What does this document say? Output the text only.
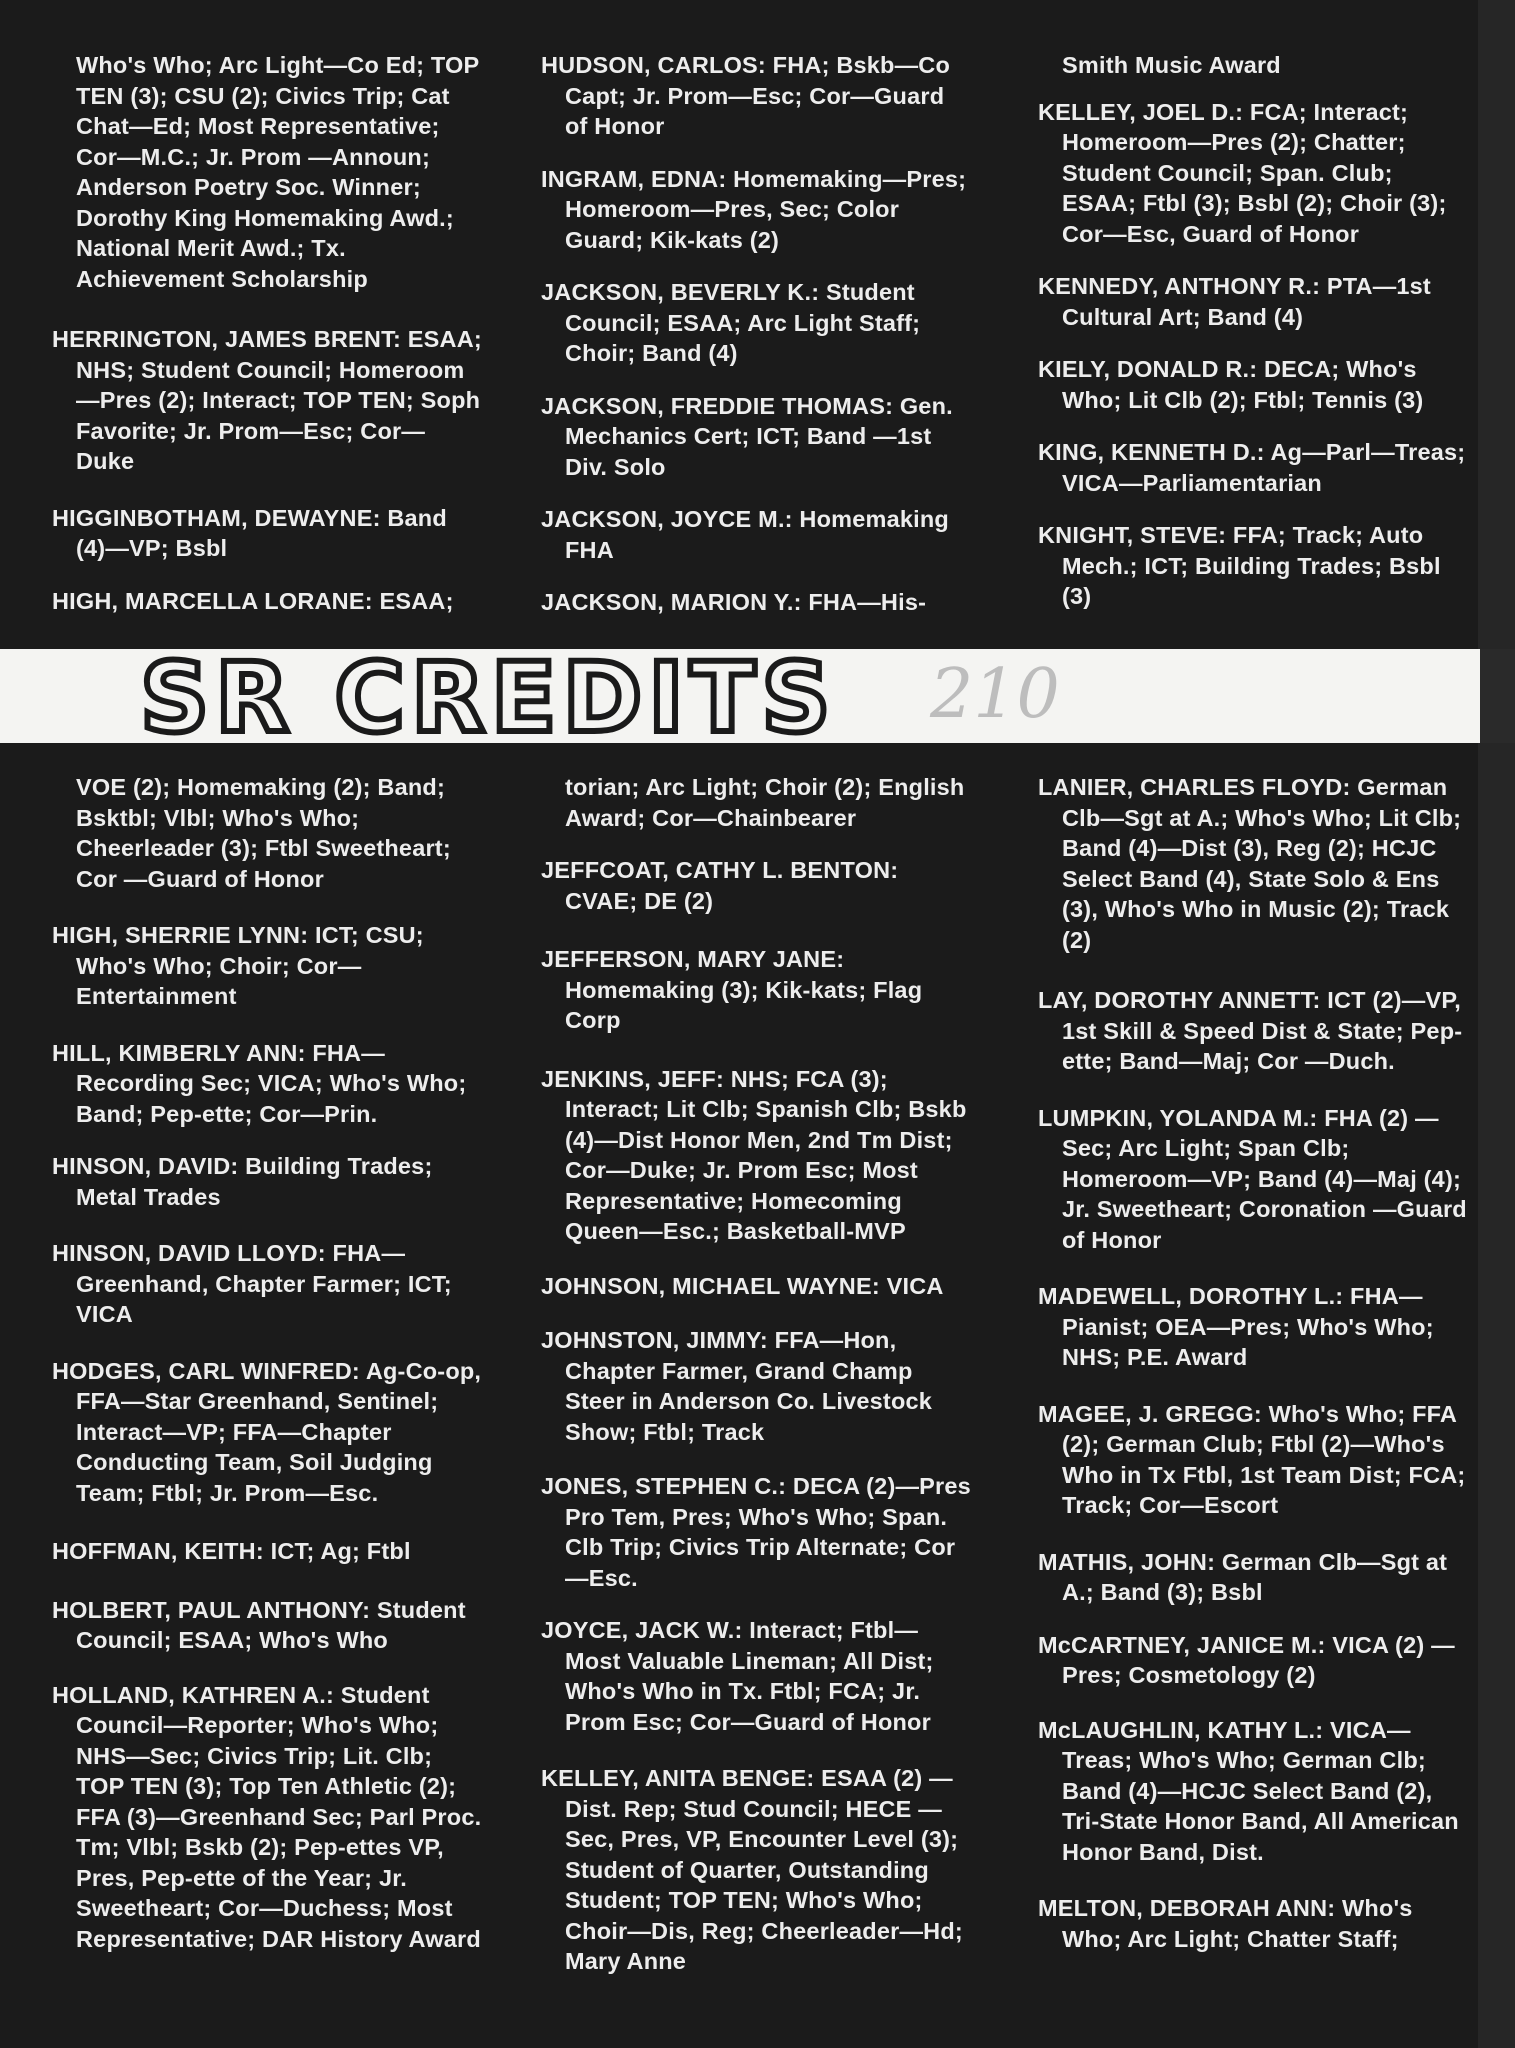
Who's Who; Arc Light—Co Ed; TOP TEN (3); CSU (2); Civics Trip; Cat Chat—Ed; Most Representative; Cor—M.C.; Jr. Prom —Announ; Anderson Poetry Soc. Winner; Dorothy King Homemaking Awd.; National Merit Awd.; Tx. Achievement Scholarship

HERRINGTON, JAMES BRENT: ESAA; NHS; Student Council; Homeroom—Pres (2); Interact; TOP TEN; Soph Favorite; Jr. Prom—Esc; Cor—Duke

HIGGINBOTHAM, DEWAYNE: Band (4)—VP; Bsbl

HIGH, MARCELLA LORANE: ESAA;

HUDSON, CARLOS: FHA; Bskb—Co Capt; Jr. Prom—Esc; Cor—Guard of Honor

INGRAM, EDNA: Homemaking—Pres; Homeroom—Pres, Sec; Color Guard; Kik-kats (2)

JACKSON, BEVERLY K.: Student Council; ESAA; Arc Light Staff; Choir; Band (4)

JACKSON, FREDDIE THOMAS: Gen. Mechanics Cert; ICT; Band —1st Div. Solo

JACKSON, JOYCE M.: Homemaking FHA

JACKSON, MARION Y.: FHA—His-

Smith Music Award

KELLEY, JOEL D.: FCA; Interact; Homeroom—Pres (2); Chatter; Student Council; Span. Club; ESAA; Ftbl (3); Bsbl (2); Choir (3); Cor—Esc, Guard of Honor

KENNEDY, ANTHONY R.: PTA—1st Cultural Art; Band (4)

KIELY, DONALD R.: DECA; Who's Who; Lit Clb (2); Ftbl; Tennis (3)

KING, KENNETH D.: Ag—Parl—Treas; VICA—Parliamentarian

KNIGHT, STEVE: FFA; Track; Auto Mech.; ICT; Building Trades; Bsbl (3)

SR CREDITS 210

VOE (2); Homemaking (2); Band; Bsktbl; Vlbl; Who's Who; Cheerleader (3); Ftbl Sweetheart; Cor —Guard of Honor

HIGH, SHERRIE LYNN: ICT; CSU; Who's Who; Choir; Cor—Entertainment

HILL, KIMBERLY ANN: FHA—Recording Sec; VICA; Who's Who; Band; Pep-ette; Cor—Prin.

HINSON, DAVID: Building Trades; Metal Trades

HINSON, DAVID LLOYD: FHA—Greenhand, Chapter Farmer; ICT; VICA

HODGES, CARL WINFRED: Ag-Co-op, FFA—Star Greenhand, Sentinel; Interact—VP; FFA—Chapter Conducting Team, Soil Judging Team; Ftbl; Jr. Prom—Esc.

HOFFMAN, KEITH: ICT; Ag; Ftbl

HOLBERT, PAUL ANTHONY: Student Council; ESAA; Who's Who

HOLLAND, KATHREN A.: Student Council—Reporter; Who's Who; NHS—Sec; Civics Trip; Lit. Clb; TOP TEN (3); Top Ten Athletic (2); FFA (3)—Greenhand Sec; Parl Proc. Tm; Vlbl; Bskb (2); Pep-ettes VP, Pres, Pep-ette of the Year; Jr. Sweetheart; Cor—Duchess; Most Representative; DAR History Award

torian; Arc Light; Choir (2); English Award; Cor—Chainbearer

JEFFCOAT, CATHY L. BENTON: CVAE; DE (2)

JEFFERSON, MARY JANE: Homemaking (3); Kik-kats; Flag Corp

JENKINS, JEFF: NHS; FCA (3); Interact; Lit Clb; Spanish Clb; Bskb (4)—Dist Honor Men, 2nd Tm Dist; Cor—Duke; Jr. Prom Esc; Most Representative; Homecoming Queen—Esc.; Basketball-MVP

JOHNSON, MICHAEL WAYNE: VICA

JOHNSTON, JIMMY: FFA—Hon, Chapter Farmer, Grand Champ Steer in Anderson Co. Livestock Show; Ftbl; Track

JONES, STEPHEN C.: DECA (2)—Pres Pro Tem, Pres; Who's Who; Span. Clb Trip; Civics Trip Alternate; Cor—Esc.

JOYCE, JACK W.: Interact; Ftbl—Most Valuable Lineman; All Dist; Who's Who in Tx. Ftbl; FCA; Jr. Prom Esc; Cor—Guard of Honor

KELLEY, ANITA BENGE: ESAA (2) —Dist. Rep; Stud Council; HECE —Sec, Pres, VP, Encounter Level (3); Student of Quarter, Outstanding Student; TOP TEN; Who's Who; Choir—Dis, Reg; Cheerleader—Hd; Mary Anne

LANIER, CHARLES FLOYD: German Clb—Sgt at A.; Who's Who; Lit Clb; Band (4)—Dist (3), Reg (2); HCJC Select Band (4), State Solo & Ens (3), Who's Who in Music (2); Track (2)

LAY, DOROTHY ANNETT: ICT (2)—VP, 1st Skill & Speed Dist & State; Pep-ette; Band—Maj; Cor —Duch.

LUMPKIN, YOLANDA M.: FHA (2) —Sec; Arc Light; Span Clb; Homeroom—VP; Band (4)—Maj (4); Jr. Sweetheart; Coronation —Guard of Honor

MADEWELL, DOROTHY L.: FHA—Pianist; OEA—Pres; Who's Who; NHS; P.E. Award

MAGEE, J. GREGG: Who's Who; FFA (2); German Club; Ftbl (2)—Who's Who in Tx Ftbl, 1st Team Dist; FCA; Track; Cor—Escort

MATHIS, JOHN: German Clb—Sgt at A.; Band (3); Bsbl

McCARTNEY, JANICE M.: VICA (2) —Pres; Cosmetology (2)

McLAUGHLIN, KATHY L.: VICA—Treas; Who's Who; German Clb; Band (4)—HCJC Select Band (2), Tri-State Honor Band, All American Honor Band, Dist.

MELTON, DEBORAH ANN: Who's Who; Arc Light; Chatter Staff;
